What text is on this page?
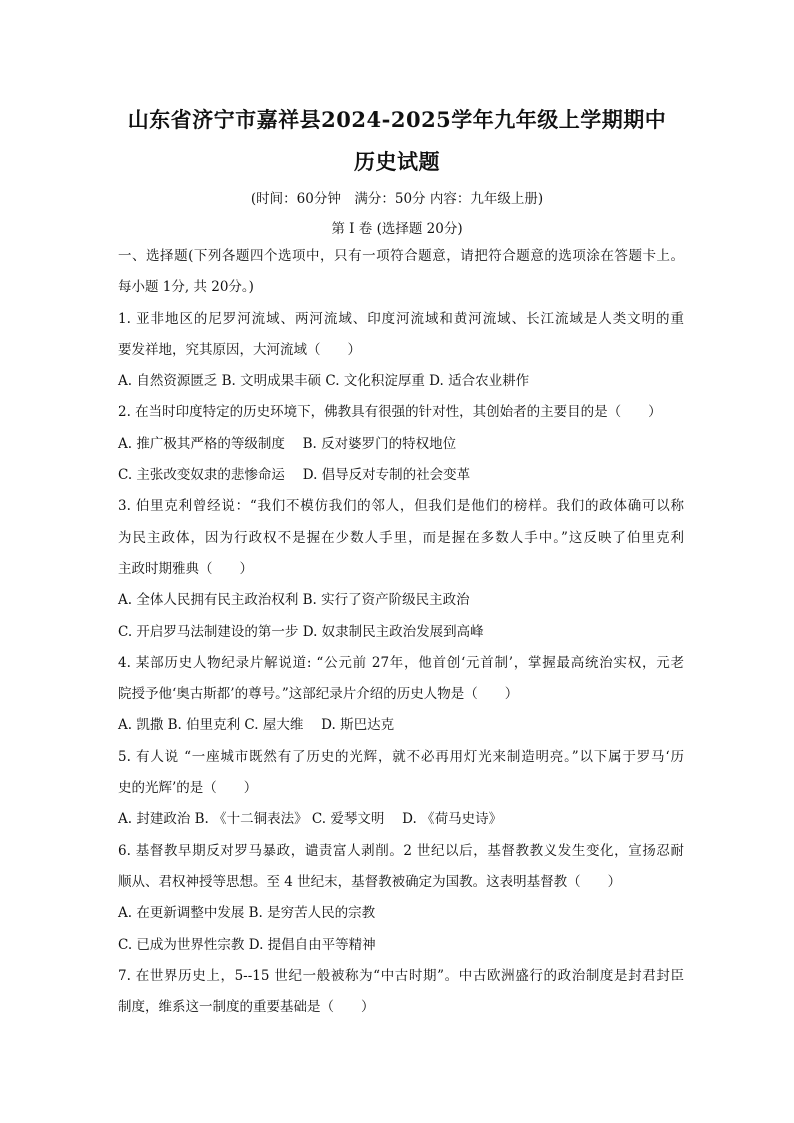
山东省济宁市嘉祥县2024-2025学年九年级上学期期中
历史试题
(时间：60分钟　满分：50分 内容：九年级上册)
第 I 卷 (选择题 20分)
一、选择题(下列各题四个选项中，只有一项符合题意，请把符合题意的选项涂在答题卡上。
每小题 1分, 共 20分。)
1. 亚非地区的尼罗河流域、两河流域、印度河流域和黄河流域、长江流域是人类文明的重
要发祥地，究其原因，大河流域（　　）
A. 自然资源匮乏 B. 文明成果丰硕 C. 文化积淀厚重 D. 适合农业耕作
2. 在当时印度特定的历史环境下，佛教具有很强的针对性，其创始者的主要目的是（　　）
A. 推广极其严格的等级制度　 B. 反对婆罗门的特权地位
C. 主张改变奴隶的悲惨命运　 D. 倡导反对专制的社会变革
3. 伯里克利曾经说：“我们不模仿我们的邻人，但我们是他们的榜样。我们的政体确可以称
为民主政体，因为行政权不是握在少数人手里，而是握在多数人手中。”这反映了伯里克利
主政时期雅典（　　）
A. 全体人民拥有民主政治权利 B. 实行了资产阶级民主政治
C. 开启罗马法制建设的第一步 D. 奴隶制民主政治发展到高峰
4. 某部历史人物纪录片解说道: “公元前 27年，他首创‘元首制’，掌握最高统治实权，元老
院授予他‘奥古斯都’的尊号。”这部纪录片介绍的历史人物是（　　）
A. 凯撒 B. 伯里克利 C. 屋大维　 D. 斯巴达克
5. 有人说 “一座城市既然有了历史的光辉，就不必再用灯光来制造明亮。”以下属于罗马‘历
史的光辉’的是（　　）
A. 封建政治 B. 《十二铜表法》 C. 爱琴文明　 D. 《荷马史诗》
6. 基督教早期反对罗马暴政，谴责富人剥削。2 世纪以后，基督教教义发生变化，宣扬忍耐
顺从、君权神授等思想。至 4 世纪末，基督教被确定为国教。这表明基督教（　　）
A. 在更新调整中发展 B. 是穷苦人民的宗教
C. 已成为世界性宗教 D. 提倡自由平等精神
7. 在世界历史上，5--15 世纪一般被称为“中古时期”。中古欧洲盛行的政治制度是封君封臣
制度，维系这一制度的重要基础是（　　）
